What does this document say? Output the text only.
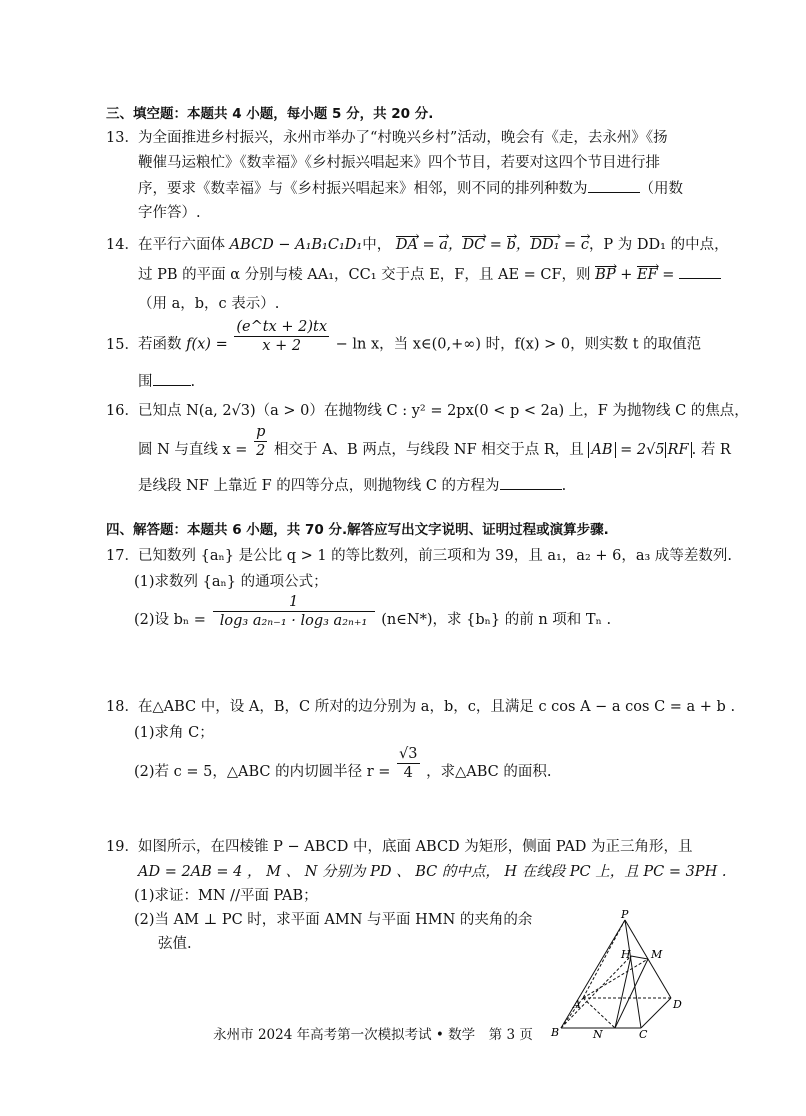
三、填空题：本题共 4 小题，每小题 5 分，共 20 分.
13．为全面推进乡村振兴，永州市举办了“村晚兴乡村”活动，晚会有《走，去永州》《扬
鞭催马运粮忙》《数幸福》《乡村振兴唱起来》四个节目，若要对这四个节目进行排
序，要求《数幸福》与《乡村振兴唱起来》相邻，则不同的排列种数为	（用数
字作答）.
14．在平行六面体 ABCD − A₁B₁C₁D₁中， DA › = a ›，DC › = b ›，DD₁ › = c ›，P 为 DD₁ 的中点，
过 PB 的平面 α 分别与棱 AA₁，CC₁ 交于点 E，F，且 AE = CF，则 BP › + EF › =
（用 a，b，c 表示）.
15．若函数 $f(x) = \frac{(e\^{}tx + 2)tx}{x + 2} - \ln x$，当 x∈(0,+∞) 时，f(x) > 0，则实数 t 的取值范
围	.
16．已知点 N(a, 2√3)（a > 0）在抛物线 C : y² = 2px(0 < p < 2a) 上，F 为抛物线 C 的焦点，
圆 N 与直线 $x = \frac{p}{2}$ 相交于 A、B 两点，与线段 NF 相交于点 R，且 AB = 2√5 RF . 若 R
是线段 NF 上靠近 F 的四等分点，则抛物线 C 的方程为	.
四、解答题：本题共 6 小题，共 70 分.解答应写出文字说明、证明过程或演算步骤.
17．已知数列 {aₙ} 是公比 q > 1 的等比数列，前三项和为 39，且 a₁，a₂ + 6，a₃ 成等差数列.
(1)求数列 {aₙ} 的通项公式；
(2)设 $b_n = \frac{1}{\text{log₃ a₂ₙ₋₁ · log₃ a₂ₙ₊₁}}$ (n∈N*)，求 {bₙ} 的前 n 项和 Tₙ .
18．在△ABC 中，设 A，B，C 所对的边分别为 a，b，c，且满足 c cos A − a cos C = a + b .
(1)求角 C；
(2)若 c = 5，△ABC 的内切圆半径 $r = \frac{√3}{4}$ ，求△ABC 的面积.
19．如图所示，在四棱锥 P − ABCD 中，底面 ABCD 为矩形，侧面 PAD 为正三角形，且
AD = 2AB = 4 ， M 、 N 分别为 PD 、 BC 的中点， H 在线段 PC 上，且 PC = 3PH .
(1)求证：MN //平面 PAB；
(2)当 AM ⊥ PC 时，求平面 AMN 与平面 HMN 的夹角的余
弦值.
P
H M
A
B
D
N	C
永州市 2024 年高考第一次模拟考试 • 数学　第 3 页
